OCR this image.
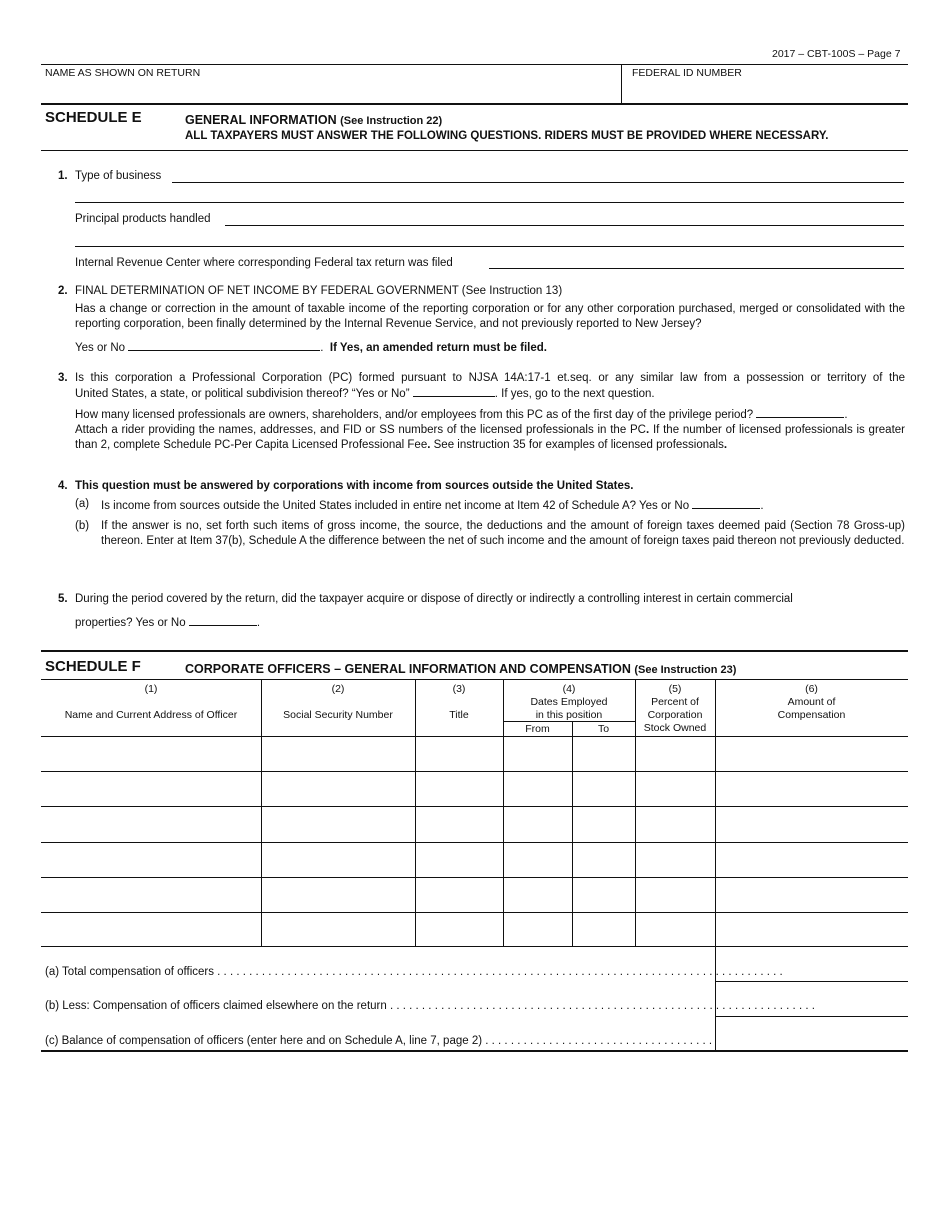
2017 – CBT-100S – Page 7
NAME AS SHOWN ON RETURN	FEDERAL ID NUMBER
SCHEDULE E	GENERAL INFORMATION (See Instruction 22)
ALL TAXPAYERS MUST ANSWER THE FOLLOWING QUESTIONS. RIDERS MUST BE PROVIDED WHERE NECESSARY.
1. Type of business
Principal products handled
Internal Revenue Center where corresponding Federal tax return was filed
2. FINAL DETERMINATION OF NET INCOME BY FEDERAL GOVERNMENT (See Instruction 13)
Has a change or correction in the amount of taxable income of the reporting corporation or for any other corporation purchased, merged or consolidated with the reporting corporation, been finally determined by the Internal Revenue Service, and not previously reported to New Jersey?
Yes or No	. If Yes, an amended return must be filed.
3. Is this corporation a Professional Corporation (PC) formed pursuant to NJSA 14A:17-1 et.seq. or any similar law from a possession or territory of the
United States, a state, or political subdivision thereof? “Yes or No”	. If yes, go to the next question.
How many licensed professionals are owners, shareholders, and/or employees from this PC as of the first day of the privilege period?	.
Attach a rider providing the names, addresses, and FID or SS numbers of the licensed professionals in the PC. If the number of licensed professionals is greater than 2, complete Schedule PC-Per Capita Licensed Professional Fee. See instruction 35 for examples of licensed professionals.
4. This question must be answered by corporations with income from sources outside the United States.
(a) Is income from sources outside the United States included in entire net income at Item 42 of Schedule A? Yes or No	.
(b) If the answer is no, set forth such items of gross income, the source, the deductions and the amount of foreign taxes deemed paid (Section 78 Gross-up) thereon. Enter at Item 37(b), Schedule A the difference between the net of such income and the amount of foreign taxes paid thereon not previously deducted.
5. During the period covered by the return, did the taxpayer acquire or dispose of directly or indirectly a controlling interest in certain commercial
properties? Yes or No	.
SCHEDULE F	CORPORATE OFFICERS – GENERAL INFORMATION AND COMPENSATION (See Instruction 23)
(1)
Name and Current Address of Officer
(2)
Social Security Number
(3)
Title
(4)
Dates Employed
in this position
From	To
(5)
Percent of
Corporation
Stock Owned
(6)
Amount of
Compensation
(a) Total compensation of officers . . . . . . . . . . . . . . . . . . . . . . . . . . . . . . . . . . . . . . . . . . . . . . . . . . . . . . . . . . . . . . . . . . . . . . . . . . . . . . . . . . . . . . . . .
(b) Less: Compensation of officers claimed elsewhere on the return . . . . . . . . . . . . . . . . . . . . . . . . . . . . . . . . . . . . . . . . . . . . . . . . . . . . . . . . . . . . . . . . . . .
(c) Balance of compensation of officers (enter here and on Schedule A, line 7, page 2) . . . . . . . . . . . . . . . . . . . . . . . . . . . . . . . . . . . .
